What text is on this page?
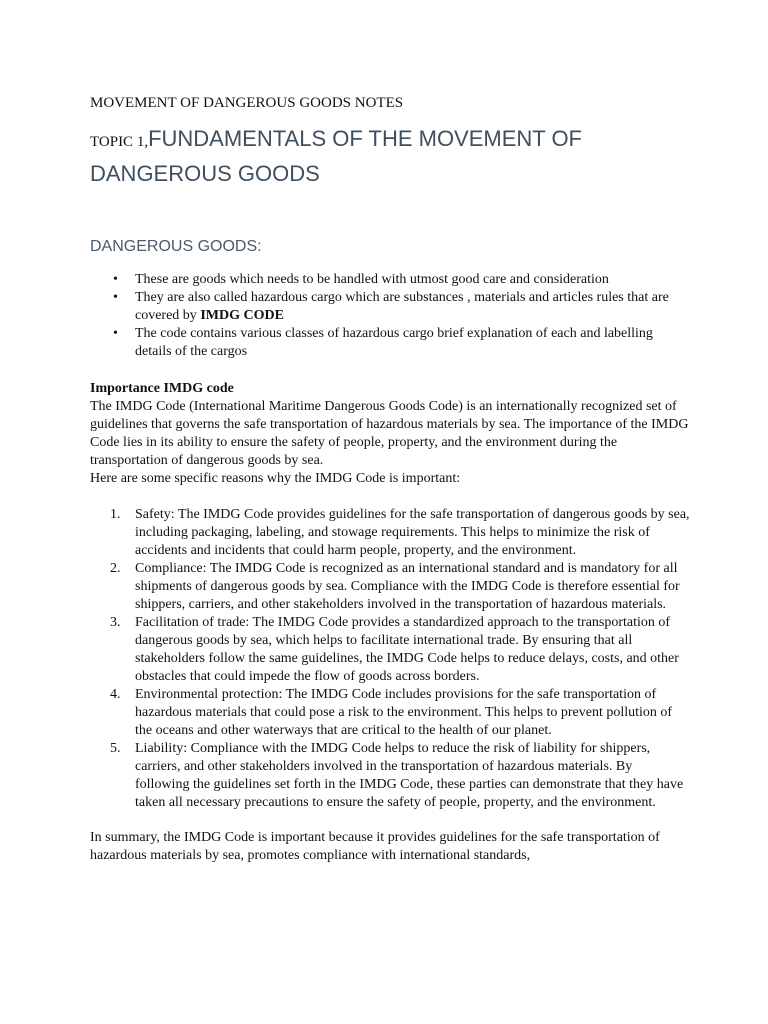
MOVEMENT OF DANGEROUS GOODS NOTES
TOPIC 1,FUNDAMENTALS OF THE MOVEMENT OF DANGEROUS GOODS
DANGEROUS GOODS:
• These are goods which needs to be handled with utmost good care and consideration
• They are also called hazardous cargo which are substances , materials and articles rules that are covered by IMDG CODE
• The code contains various classes of hazardous cargo brief explanation of each and labelling details of the cargos
Importance IMDG code

The IMDG Code (International Maritime Dangerous Goods Code) is an internationally recognized set of guidelines that governs the safe transportation of hazardous materials by sea. The importance of the IMDG Code lies in its ability to ensure the safety of people, property, and the environment during the transportation of dangerous goods by sea.

Here are some specific reasons why the IMDG Code is important:

1. Safety: The IMDG Code provides guidelines for the safe transportation of dangerous goods by sea, including packaging, labeling, and stowage requirements. This helps to minimize the risk of accidents and incidents that could harm people, property, and the environment.
2. Compliance: The IMDG Code is recognized as an international standard and is mandatory for all shipments of dangerous goods by sea. Compliance with the IMDG Code is therefore essential for shippers, carriers, and other stakeholders involved in the transportation of hazardous materials.
3. Facilitation of trade: The IMDG Code provides a standardized approach to the transportation of dangerous goods by sea, which helps to facilitate international trade. By ensuring that all stakeholders follow the same guidelines, the IMDG Code helps to reduce delays, costs, and other obstacles that could impede the flow of goods across borders.
4. Environmental protection: The IMDG Code includes provisions for the safe transportation of hazardous materials that could pose a risk to the environment. This helps to prevent pollution of the oceans and other waterways that are critical to the health of our planet.
5. Liability: Compliance with the IMDG Code helps to reduce the risk of liability for shippers, carriers, and other stakeholders involved in the transportation of hazardous materials. By following the guidelines set forth in the IMDG Code, these parties can demonstrate that they have taken all necessary precautions to ensure the safety of people, property, and the environment.

In summary, the IMDG Code is important because it provides guidelines for the safe transportation of hazardous materials by sea, promotes compliance with international standards,
